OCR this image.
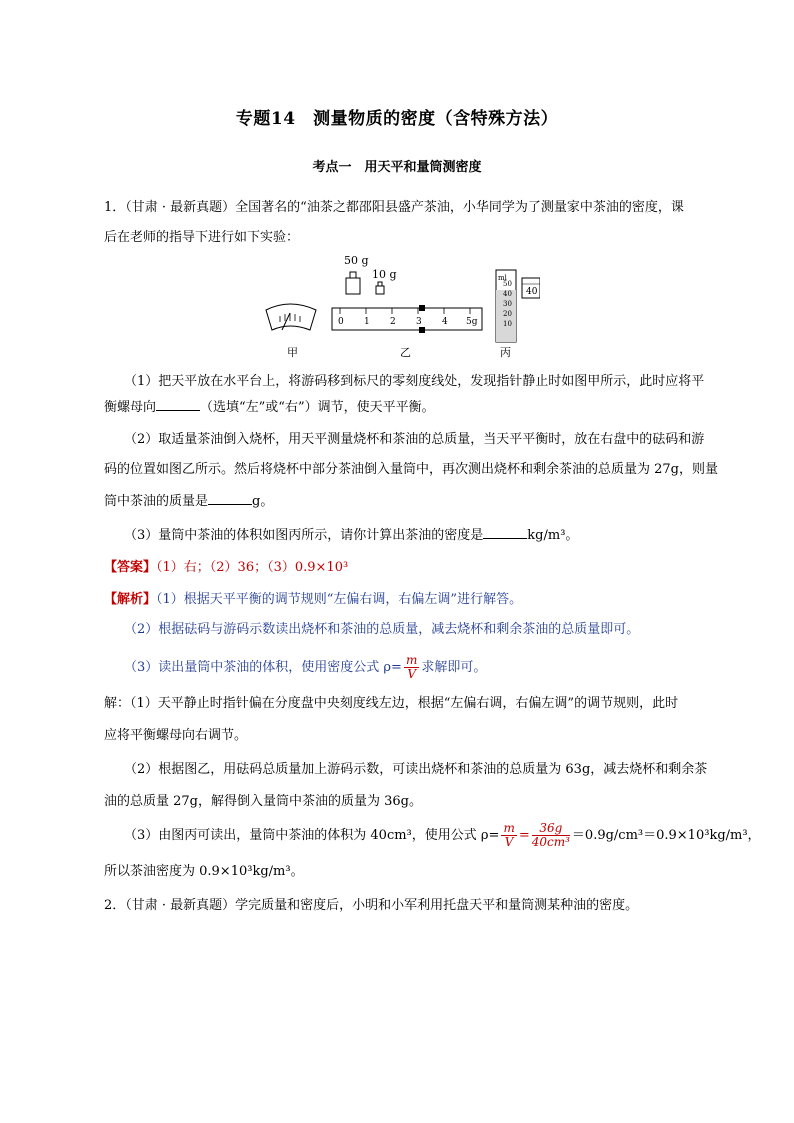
专题14　测量物质的密度（含特殊方法）
考点一　用天平和量筒测密度
1．（甘肃 · 最新真题）全国著名的“油茶之都邵阳县盛产茶油，小华同学为了测量家中茶油的密度，课
后在老师的指导下进行如下实验：
甲
50 g
10 g
0 1 2 3 4 5g
乙
ml
50
40
30
20
10
40
丙
（1）把天平放在水平台上，将游码移到标尺的零刻度线处，发现指针静止时如图甲所示，此时应将平
衡螺母向	（选填“左”或“右”）调节，使天平平衡。
（2）取适量茶油倒入烧杯，用天平测量烧杯和茶油的总质量，当天平平衡时，放在右盘中的砝码和游
码的位置如图乙所示。然后将烧杯中部分茶油倒入量筒中，再次测出烧杯和剩余茶油的总质量为 27g，则量
筒中茶油的质量是	g。
（3）量筒中茶油的体积如图丙所示，请你计算出茶油的密度是	kg/m³。
【答案】（1）右；（2）36；（3）0.9×10³
【解析】（1）根据天平平衡的调节规则“左偏右调，右偏左调”进行解答。
（2）根据砝码与游码示数读出烧杯和茶油的总质量，减去烧杯和剩余茶油的总质量即可。
（3）读出量筒中茶油的体积，使用密度公式 $\rho= \frac{m}{V}$ 求解即可。
解：（1）天平静止时指针偏在分度盘中央刻度线左边，根据“左偏右调，右偏左调”的调节规则，此时
应将平衡螺母向右调节。
（2）根据图乙，用砝码总质量加上游码示数，可读出烧杯和茶油的总质量为 63g，减去烧杯和剩余茶
油的总质量 27g，解得倒入量筒中茶油的质量为 36g。
（3）由图丙可读出，量筒中茶油的体积为 40cm³，使用公式 $\rho= \frac{m}{V} = \frac{36g}{\text{40cm³}} =0.9g/cm^3=0.9\times 10^3kg/m^3$，
所以茶油密度为 0.9×10³kg/m³。
2．（甘肃 · 最新真题）学完质量和密度后，小明和小军利用托盘天平和量筒测某种油的密度。
